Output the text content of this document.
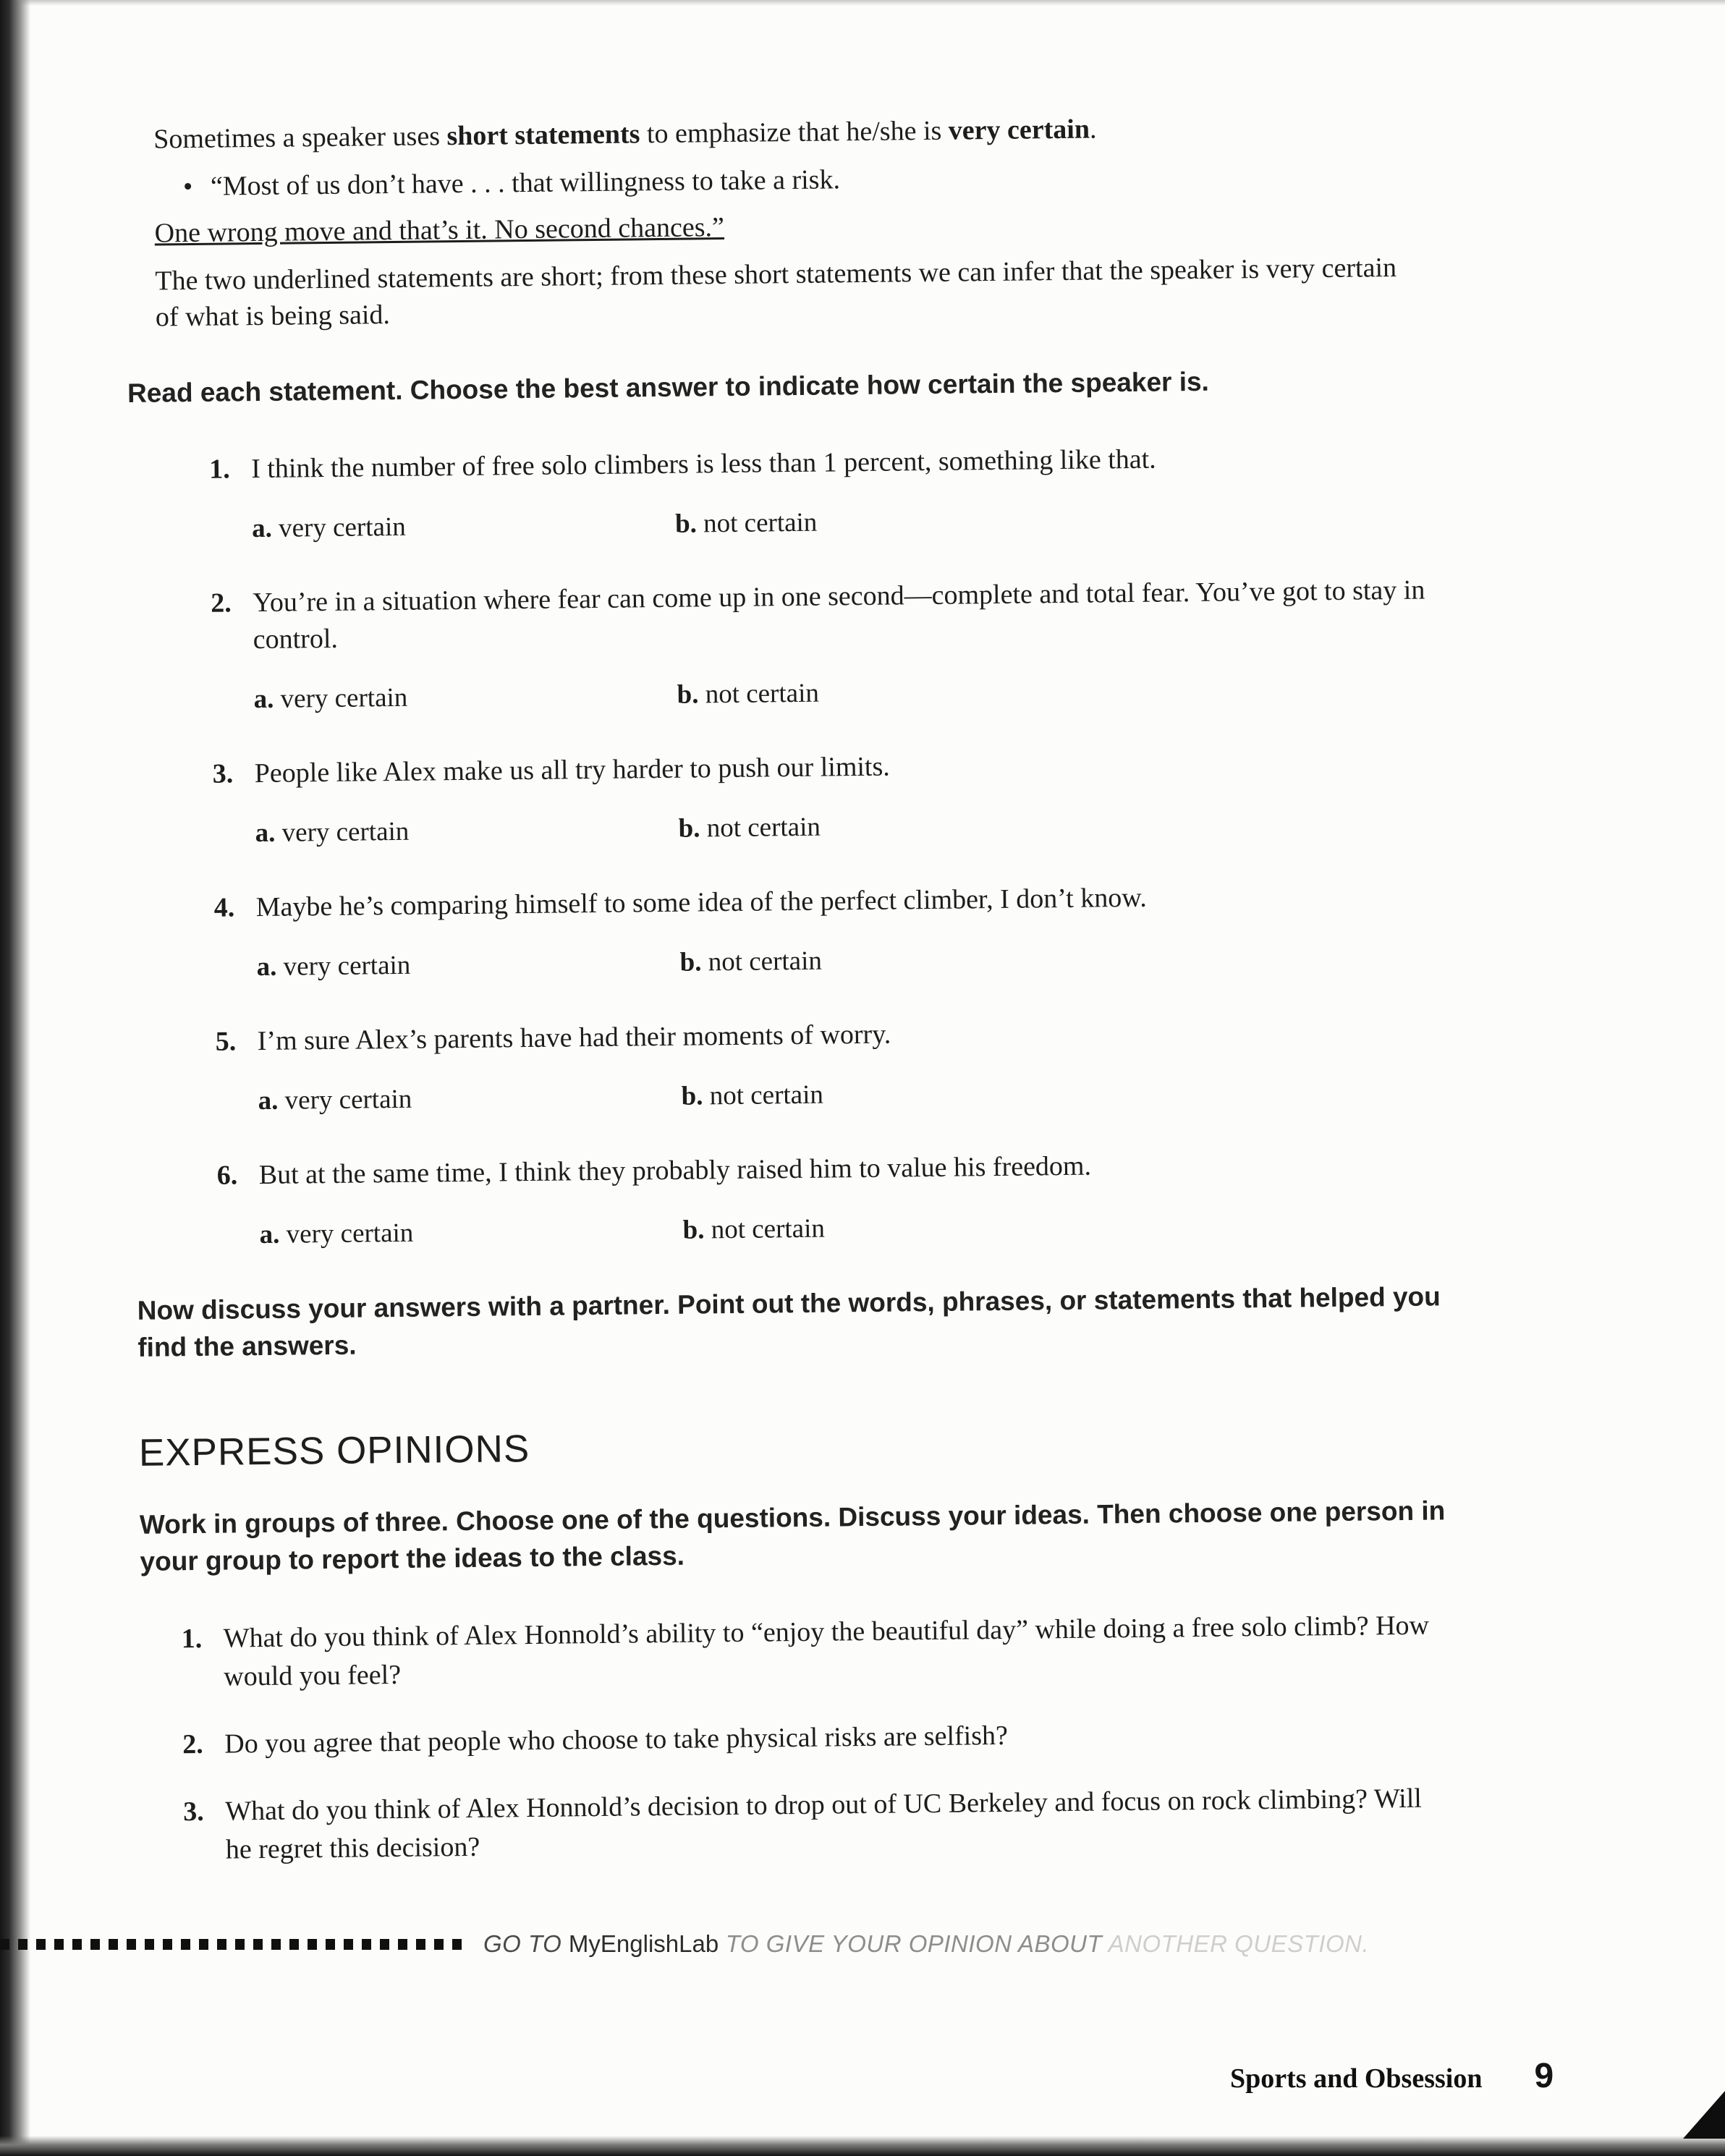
Sometimes a speaker uses short statements to emphasize that he/she is very certain.

• “Most of us don’t have . . . that willingness to take a risk.

One wrong move and that’s it. No second chances.”

The two underlined statements are short; from these short statements we can infer that the speaker is very certain of what is being said.

Read each statement. Choose the best answer to indicate how certain the speaker is.

1. I think the number of free solo climbers is less than 1 percent, something like that.
a. very certain	b. not certain
2. You’re in a situation where fear can come up in one second—complete and total fear. You’ve got to stay in control.
a. very certain	b. not certain
3. People like Alex make us all try harder to push our limits.
a. very certain	b. not certain
4. Maybe he’s comparing himself to some idea of the perfect climber, I don’t know.
a. very certain	b. not certain
5. I’m sure Alex’s parents have had their moments of worry.
a. very certain	b. not certain
6. But at the same time, I think they probably raised him to value his freedom.
a. very certain	b. not certain

Now discuss your answers with a partner. Point out the words, phrases, or statements that helped you find the answers.

EXPRESS OPINIONS

Work in groups of three. Choose one of the questions. Discuss your ideas. Then choose one person in your group to report the ideas to the class.

1. What do you think of Alex Honnold’s ability to “enjoy the beautiful day” while doing a free solo climb? How would you feel?
2. Do you agree that people who choose to take physical risks are selfish?
3. What do you think of Alex Honnold’s decision to drop out of UC Berkeley and focus on rock climbing? Will he regret this decision?
GO TO MyEnglishLab TO GIVE YOUR OPINION ABOUT ANOTHER QUESTION.
Sports and Obsession 9
